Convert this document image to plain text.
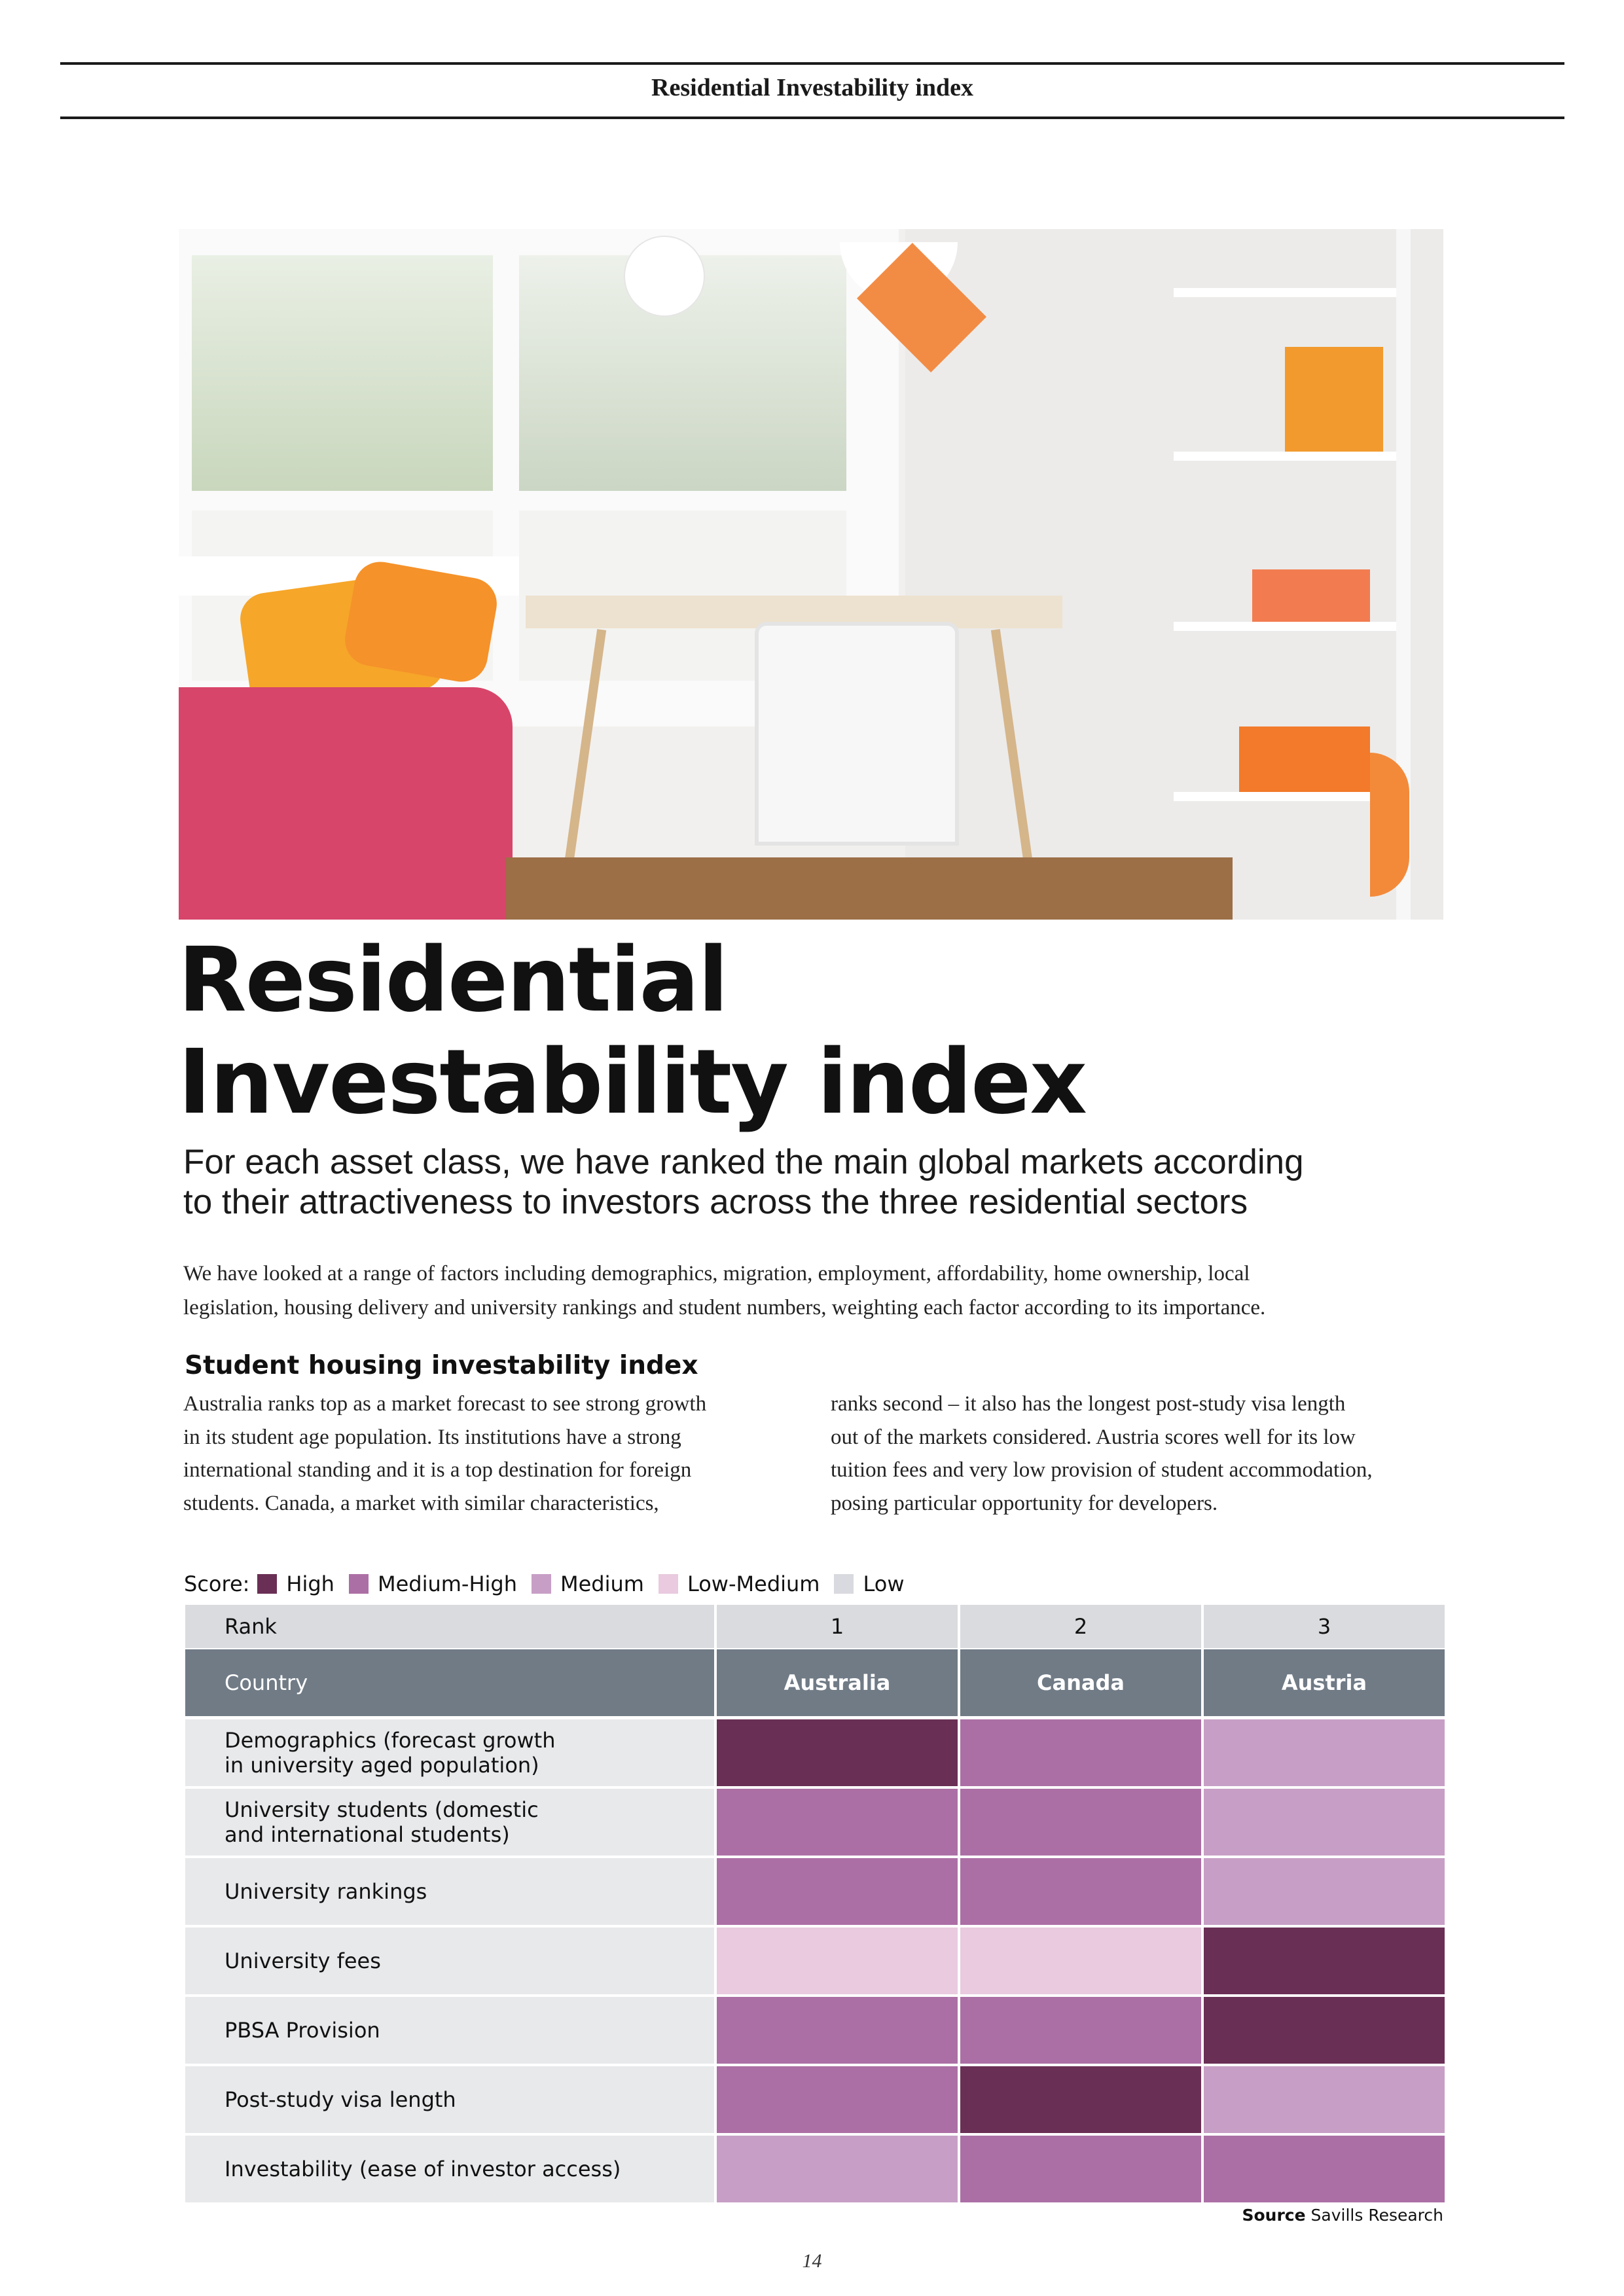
Residential Investability index
Residential
Investability index
For each asset class, we have ranked the main global markets according
to their attractiveness to investors across the three residential sectors
We have looked at a range of factors including demographics, migration, employment, affordability, home ownership, local
legislation, housing delivery and university rankings and student numbers, weighting each factor according to its importance.
Student housing investability index
Australia ranks top as a market forecast to see strong growth
in its student age population. Its institutions have a strong
international standing and it is a top destination for foreign
students. Canada, a market with similar characteristics,
ranks second – it also has the longest post-study visa length
out of the markets considered. Austria scores well for its low
tuition fees and very low provision of student accommodation,
posing particular opportunity for developers.
Score: High Medium-High Medium Low-Medium Low
Rank	1	2	3
Country	Australia	Canada	Austria
Demographics (forecast growth
in university aged population)
University students (domestic
and international students)
University rankings
University fees
PBSA Provision
Post-study visa length
Investability (ease of investor access)
Source Savills Research
14
